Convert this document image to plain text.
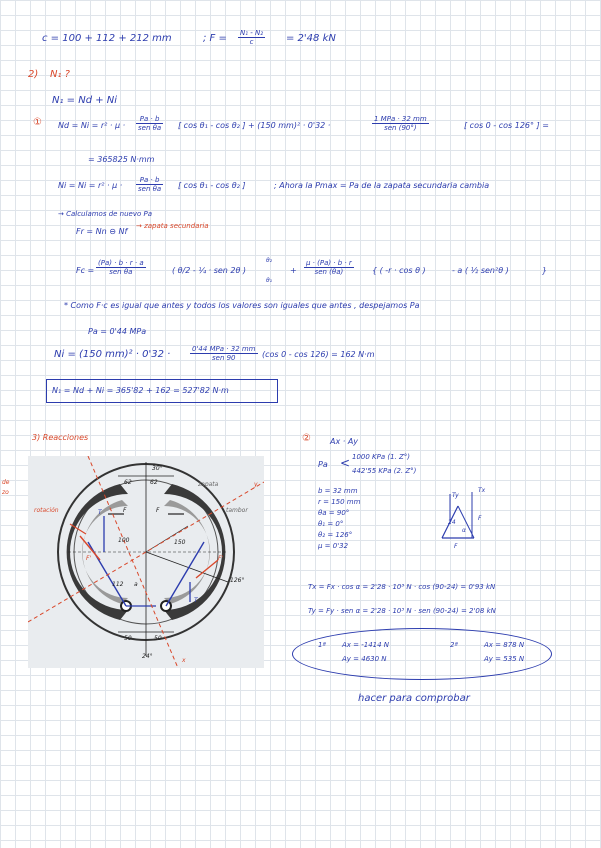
c = 100 + 112 + 212 mm	; $F = \frac{\text{N₁ - N₂}}{c} = 2'48$ kN
2) N₁ ?
N₁ = Nd + Ni
① Nd = Ni = r² · μ ·
Pa · b
sen θa [ cos θ₁ - cos θ₂ ] + (150 mm)² · 0'32 ·
1 MPa · 32 mm
sen (90°)	[ cos 0 - cos 126° ] =
= 365825 N·mm
Ni = Ni = r² · μ ·
Pa · b
sen θa [ cos θ₁ - cos θ₂ ]	; Ahora la Pmax = Pa de la zapata secundaria cambia
→ Calculamos de nuevo Pa
Fr = Nn ⊖ Nf
→ zapata secundaria
Fc =
(Pa) · b · r · a
sen θa	( θ/2 - ¼ · sen 2θ )
θ₂
θ₁
+
μ · (Pa) · b · r
sen (θa)	{ ( -r · cos θ )	- a ( ½ sen²θ )	}
* Como F·c es igual que antes y todos los valores son iguales que antes , despejamos Pa
Pa = 0'44 MPa
Ni = (150 mm)² · 0'32 ·	0'44 MPa · 32 mm
sen 90	(cos 0 - cos 126) = 162 N·m
N₁ = Nd + Ni = 365'82 + 162 = 527'82 N·m
3) Reacciones
30°
62	62
F	F
100	150
112 a
126°
50	50
24°
zapata
tambor
rotación
F'	F'
T
T
x
y
de
zo
② Ax · Ay
Pa < 1000 KPa (1. Z°)
442'55 KPa (2. Z°)
b = 32 mm
r = 150 mm
θa = 90°
θ₁ = 0°
θ₂ = 126°
μ = 0'32
Ty
Tx
α
24
F
F
Tx = Fx · cos α = 2'28 · 10³ N · cos (90-24) = 0'93 kN
Ty = Fy · sen α = 2'28 · 10³ N · sen (90-24) = 2'08 kN
1ª Ax = -1414 N
Ay = 4630 N
2ª	Ax = 878 N
Ay = 535 N
hacer para comprobar
